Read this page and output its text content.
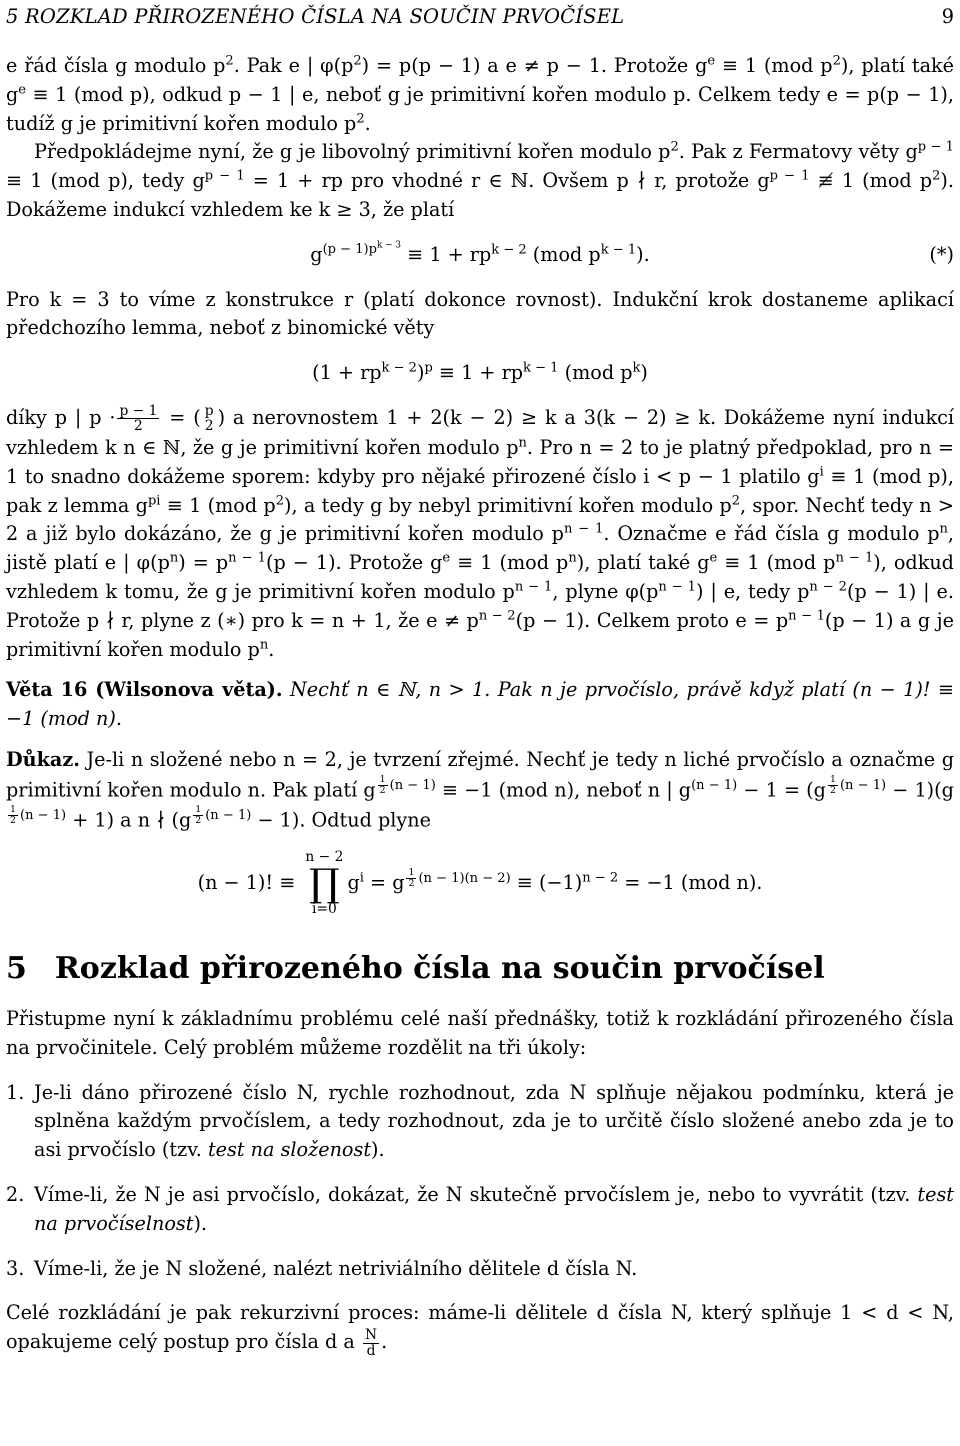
5 ROZKLAD PŘIROZENÉHO ČÍSLA NA SOUČIN PRVOČÍSEL	9

e řád čísla g modulo $p^2$. Pak e | $\varphi(p^2) = p(p - 1)$ a e ≠ p − 1. Protože $g^e \equiv 1$ (mod $p^2$), platí také $g^e \equiv 1$ (mod p), odkud p − 1 | e, neboť g je primitivní kořen modulo p. Celkem tedy e = p(p − 1), tudíž g je primitivní kořen modulo $p^2$.

Předpokládejme nyní, že g je libovolný primitivní kořen modulo $p^2$. Pak z Fermatovy věty $g^{p - 1} \equiv 1$ (mod p), tedy $g^{p - 1} = 1$ + rp pro vhodné r ∈ ℕ. Ovšem p ∤ r, protože $g^{p - 1}$ ≢ 1 (mod $p^2$). Dokážeme indukcí vzhledem ke k ≥ 3, že platí

$g^{(p - 1)p^{k - 3}} \equiv 1 + rp^{k - 2}$ (mod $p^{k - 1}$).	(*)

Pro k = 3 to víme z konstrukce r (platí dokonce rovnost). Indukční krok dostaneme aplikací předchozího lemma, neboť z binomické věty

$(1 + rp^{k - 2})^p \equiv 1 + rp^{k - 1}$ (mod $p^k$)

díky p | $p \cdot \frac{p - 1}{2}$ = ( p
2 ) a nerovnostem 1 + 2(k − 2) ≥ k a 3(k − 2) ≥ k. Dokážeme nyní indukcí vzhledem k n ∈ ℕ, že g je primitivní kořen modulo $p^n$. Pro n = 2 to je platný předpoklad, pro n = 1 to snadno dokážeme sporem: kdyby pro nějaké přirozené číslo i < p − 1 platilo $g^i \equiv 1$ (mod p), pak z lemma $g^{pi} \equiv 1$ (mod $p^2$), a tedy g by nebyl primitivní kořen modulo $p^2$, spor. Nechť tedy n > 2 a již bylo dokázáno, že g je primitivní kořen modulo $p^{n - 1}$. Označme e řád čísla g modulo $p^n$, jistě platí e | $\varphi(p^n) = p^{n - 1}(p - 1)$. Protože $g^e \equiv 1$ (mod $p^n$), platí také $g^e \equiv 1$ (mod $p^{n - 1}$), odkud vzhledem k tomu, že g je primitivní kořen modulo $p^{n - 1}$, plyne $\varphi(p^{n - 1})$ | e, tedy $p^{n - 2}(p - 1)$ | e. Protože p ∤ r, plyne z (∗) pro k = n + 1, že $e \ne p^{n - 2}(p - 1)$. Celkem proto $e = p^{n - 1}(p - 1)$ a g je primitivní kořen modulo $p^n$.

Věta 16 (Wilsonova věta). Nechť n ∈ ℕ, n > 1. Pak n je prvočíslo, právě když platí (n − 1)! ≡ −1 (mod n).

Důkaz. Je-li n složené nebo n = 2, je tvrzení zřejmé. Nechť je tedy n liché prvočíslo a označme g primitivní kořen modulo n. Pak platí g $^{\frac{1}{2} (n - 1)}$ ≡ −1 (mod n), neboť n | $g^{(n - 1)} - 1 = (g$ $^{\frac{1}{2} (n - 1)}$ − 1)(g
$^{\frac{1}{2} (n - 1)}$ + 1) a n ∤ (g $^{\frac{1}{2} (n - 1)}$ − 1). Odtud plyne

(n − 1)! ≡
n − 2
∏
i=0
$g^i = g$ $^{\frac{1}{2} (n - 1)(n - 2)} \equiv (-1)^{n - 2} = -1$ (mod n).
5 Rozklad přirozeného čísla na součin prvočísel

Přistupme nyní k základnímu problému celé naší přednášky, totiž k rozkládání přirozeného čísla na prvočinitele. Celý problém můžeme rozdělit na tři úkoly:

1. Je-li dáno přirozené číslo N, rychle rozhodnout, zda N splňuje nějakou podmínku, která je splněna každým prvočíslem, a tedy rozhodnout, zda je to určitě číslo složené anebo zda je to asi prvočíslo (tzv. test na složenost).
2. Víme-li, že N je asi prvočíslo, dokázat, že N skutečně prvočíslem je, nebo to vyvrátit (tzv. test na prvočíselnost).
3. Víme-li, že je N složené, nalézt netriviálního dělitele d čísla N.

Celé rozkládání je pak rekurzivní proces: máme-li dělitele d čísla N, který splňuje 1 < d < N, opakujeme celý postup pro čísla d a $\frac{N}{d}$ .
